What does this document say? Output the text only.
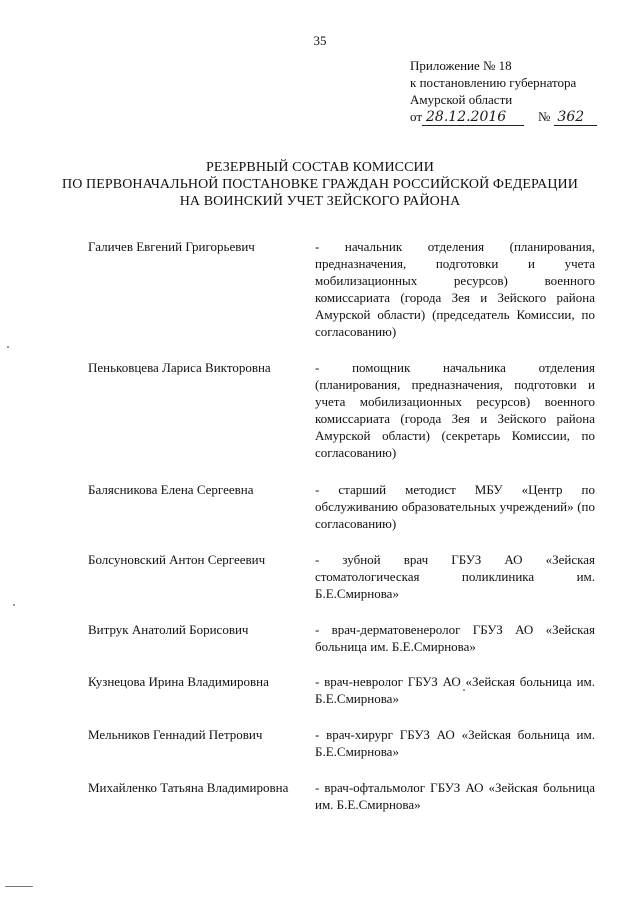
35
Приложение № 18
к постановлению губернатора
Амурской области
от 28.12.2016 № 362
РЕЗЕРВНЫЙ СОСТАВ КОМИССИИ
ПО ПЕРВОНАЧАЛЬНОЙ ПОСТАНОВКЕ ГРАЖДАН РОССИЙСКОЙ ФЕДЕРАЦИИ
НА ВОИНСКИЙ УЧЕТ ЗЕЙСКОГО РАЙОНА
Галичев Евгений Григорьевич	- начальник отделения (планирования, предназначения, подготовки и учета мобилизационных ресурсов) военного комиссариата (города Зея и Зейского района Амурской области) (председатель Комиссии, по согласованию)
Пеньковцева Лариса Викторовна	- помощник начальника отделения (планирования, предназначения, подготовки и учета мобилизационных ресурсов) военного комиссариата (города Зея и Зейского района Амурской области) (секретарь Комиссии, по согласованию)
Балясникова Елена Сергеевна	- старший методист МБУ «Центр по обслуживанию образовательных учреждений» (по согласованию)
Болсуновский Антон Сергеевич	- зубной врач ГБУЗ АО «Зейская стоматологическая поликлиника им. Б.Е.Смирнова»
Витрук Анатолий Борисович	- врач-дерматовенеролог ГБУЗ АО «Зейская больница им. Б.Е.Смирнова»
Кузнецова Ирина Владимировна	- врач-невролог ГБУЗ АО «Зейская больница им. Б.Е.Смирнова»
Мельников Геннадий Петрович	- врач-хирург ГБУЗ АО «Зейская больница им. Б.Е.Смирнова»
Михайленко Татьяна Владимировна	- врач-офтальмолог ГБУЗ АО «Зейская больница им. Б.Е.Смирнова»
